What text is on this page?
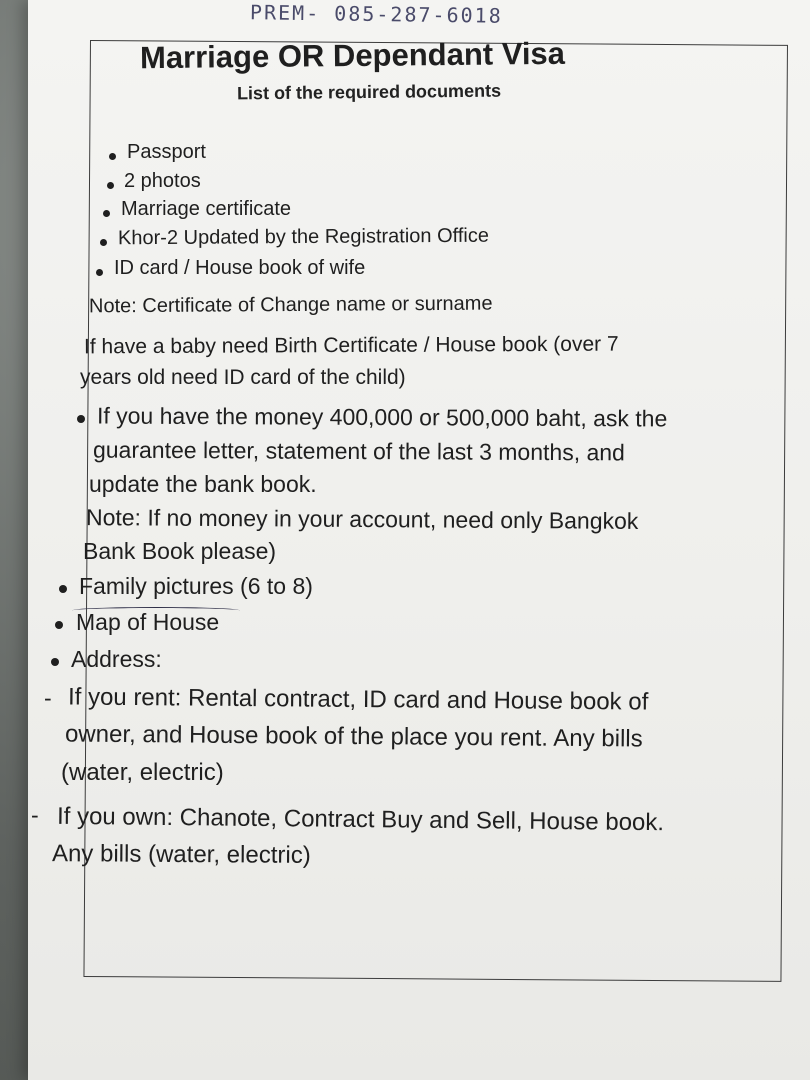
PREM- 085-287-6018
Marriage OR Dependant Visa
List of the required documents
Passport
2 photos
Marriage certificate
Khor-2 Updated by the Registration Office
ID card / House book of wife
Note: Certificate of Change name or surname
If have a baby need Birth Certificate / House book (over 7
years old need ID card of the child)
If you have the money 400,000 or 500,000 baht, ask the
guarantee letter, statement of the last 3 months, and
update the bank book.
Note: If no money in your account, need only Bangkok
Bank Book please)
Family pictures (6 to 8)
Map of House
Address:
- If you rent: Rental contract, ID card and House book of
owner, and House book of the place you rent. Any bills
(water, electric)
- If you own: Chanote, Contract Buy and Sell, House book.
Any bills (water, electric)
